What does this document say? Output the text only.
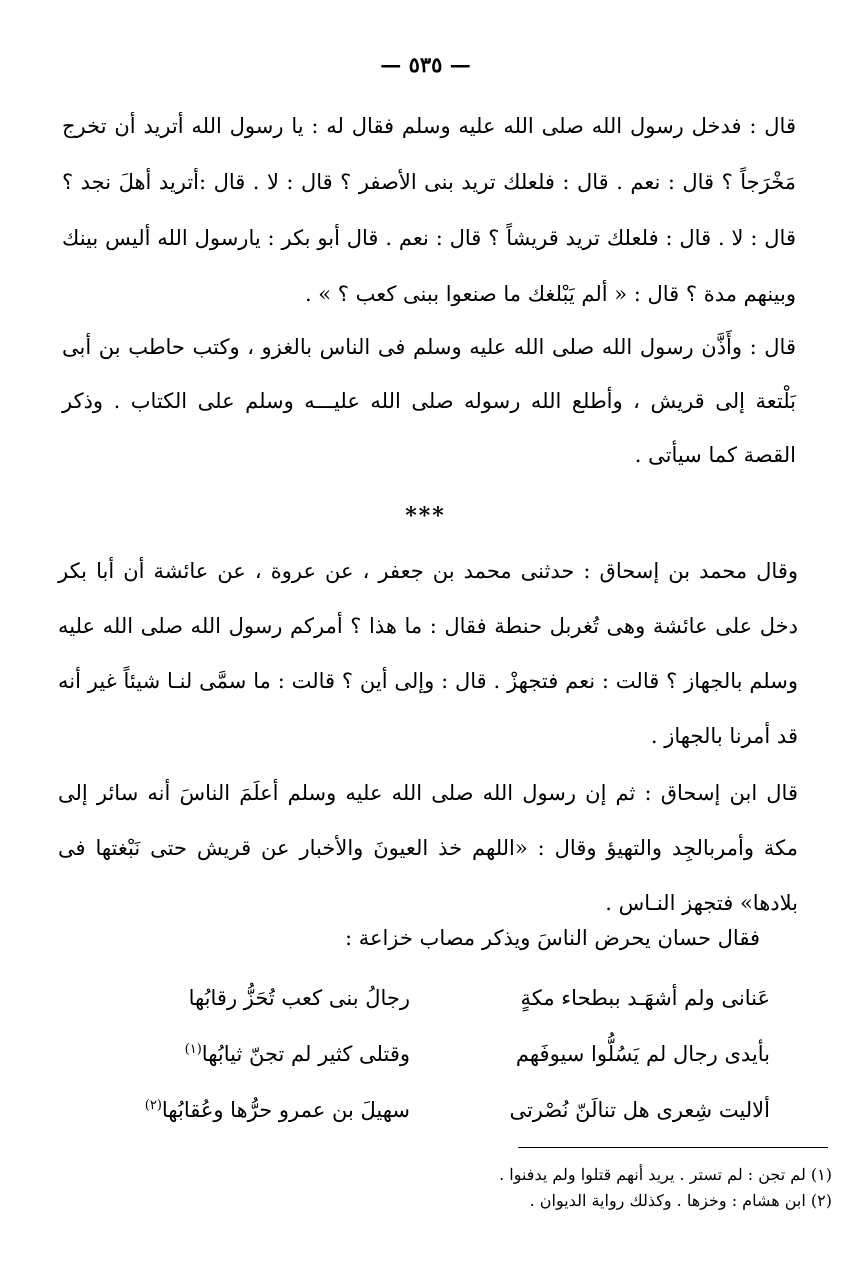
— ٥٣٥ —
قال : فدخل رسول الله صلى الله عليه وسلم فقال له : يا رسول الله أتريد أن تخرج مَخْرَجاً ؟ قال : نعم . قال : فلعلك تريد بنى الأصفر ؟ قال : لا . قال :أتريد أهلَ نجد ؟ قال : لا . قال : فلعلك تريد قريشاً ؟ قال : نعم . قال أبو بكر : يارسول الله أليس بينك وبينهم مدة ؟ قال : « ألم يَبْلغك ما صنعوا ببنى كعب ؟ » .
قال : وأَذَّن رسول الله صلى الله عليه وسلم فى الناس بالغزو ، وكتب حاطب بن أبى بَلْتعة إلى قريش ، وأطلع الله رسوله صلى الله عليـــه وسلم على الكتاب . وذكر القصة كما سيأتى .
***
وقال محمد بن إسحاق : حدثنى محمد بن جعفر ، عن عروة ، عن عائشة أن أبا بكر دخل على عائشة وهى تُغربل حنطة فقال : ما هذا ؟ أمركم رسول الله صلى الله عليه وسلم بالجهاز ؟ قالت : نعم فتجهزْ . قال : وإلى أين ؟ قالت : ما سمَّى لنـا شيئاً غير أنه قد أمرنا بالجهاز .
قال ابن إسحاق : ثم إن رسول الله صلى الله عليه وسلم أعلَمَ الناسَ أنه سائر إلى مكة وأمربالجِد والتهيؤ وقال : «اللهم خذ العيونَ والأخبار عن قريش حتى نَبْغتها فى بلادها» فتجهز النـاس .
فقال حسان يحرض الناسَ ويذكر مصاب خزاعة :
عَنانى ولم أشهَـد ببطحاء مكةٍ
رجالُ بنى كعب تُحَزُّ رقابُها
بأيدى رجال لم يَسُلُّوا سيوفَهم
وقتلى كثير لم تجنّ ثيابُها$^{(١)}$
ألاليت شِعرى هل تنالَنّ نُصْرتى
سهيلَ بن عمرو حرُّها وعُقابُها$^{(٢)}$
(١) لم تجن : لم تستر . يريد أنهم قتلوا ولم يدفنوا .
(٢) ابن هشام : وخزها . وكذلك رواية الديوان .
